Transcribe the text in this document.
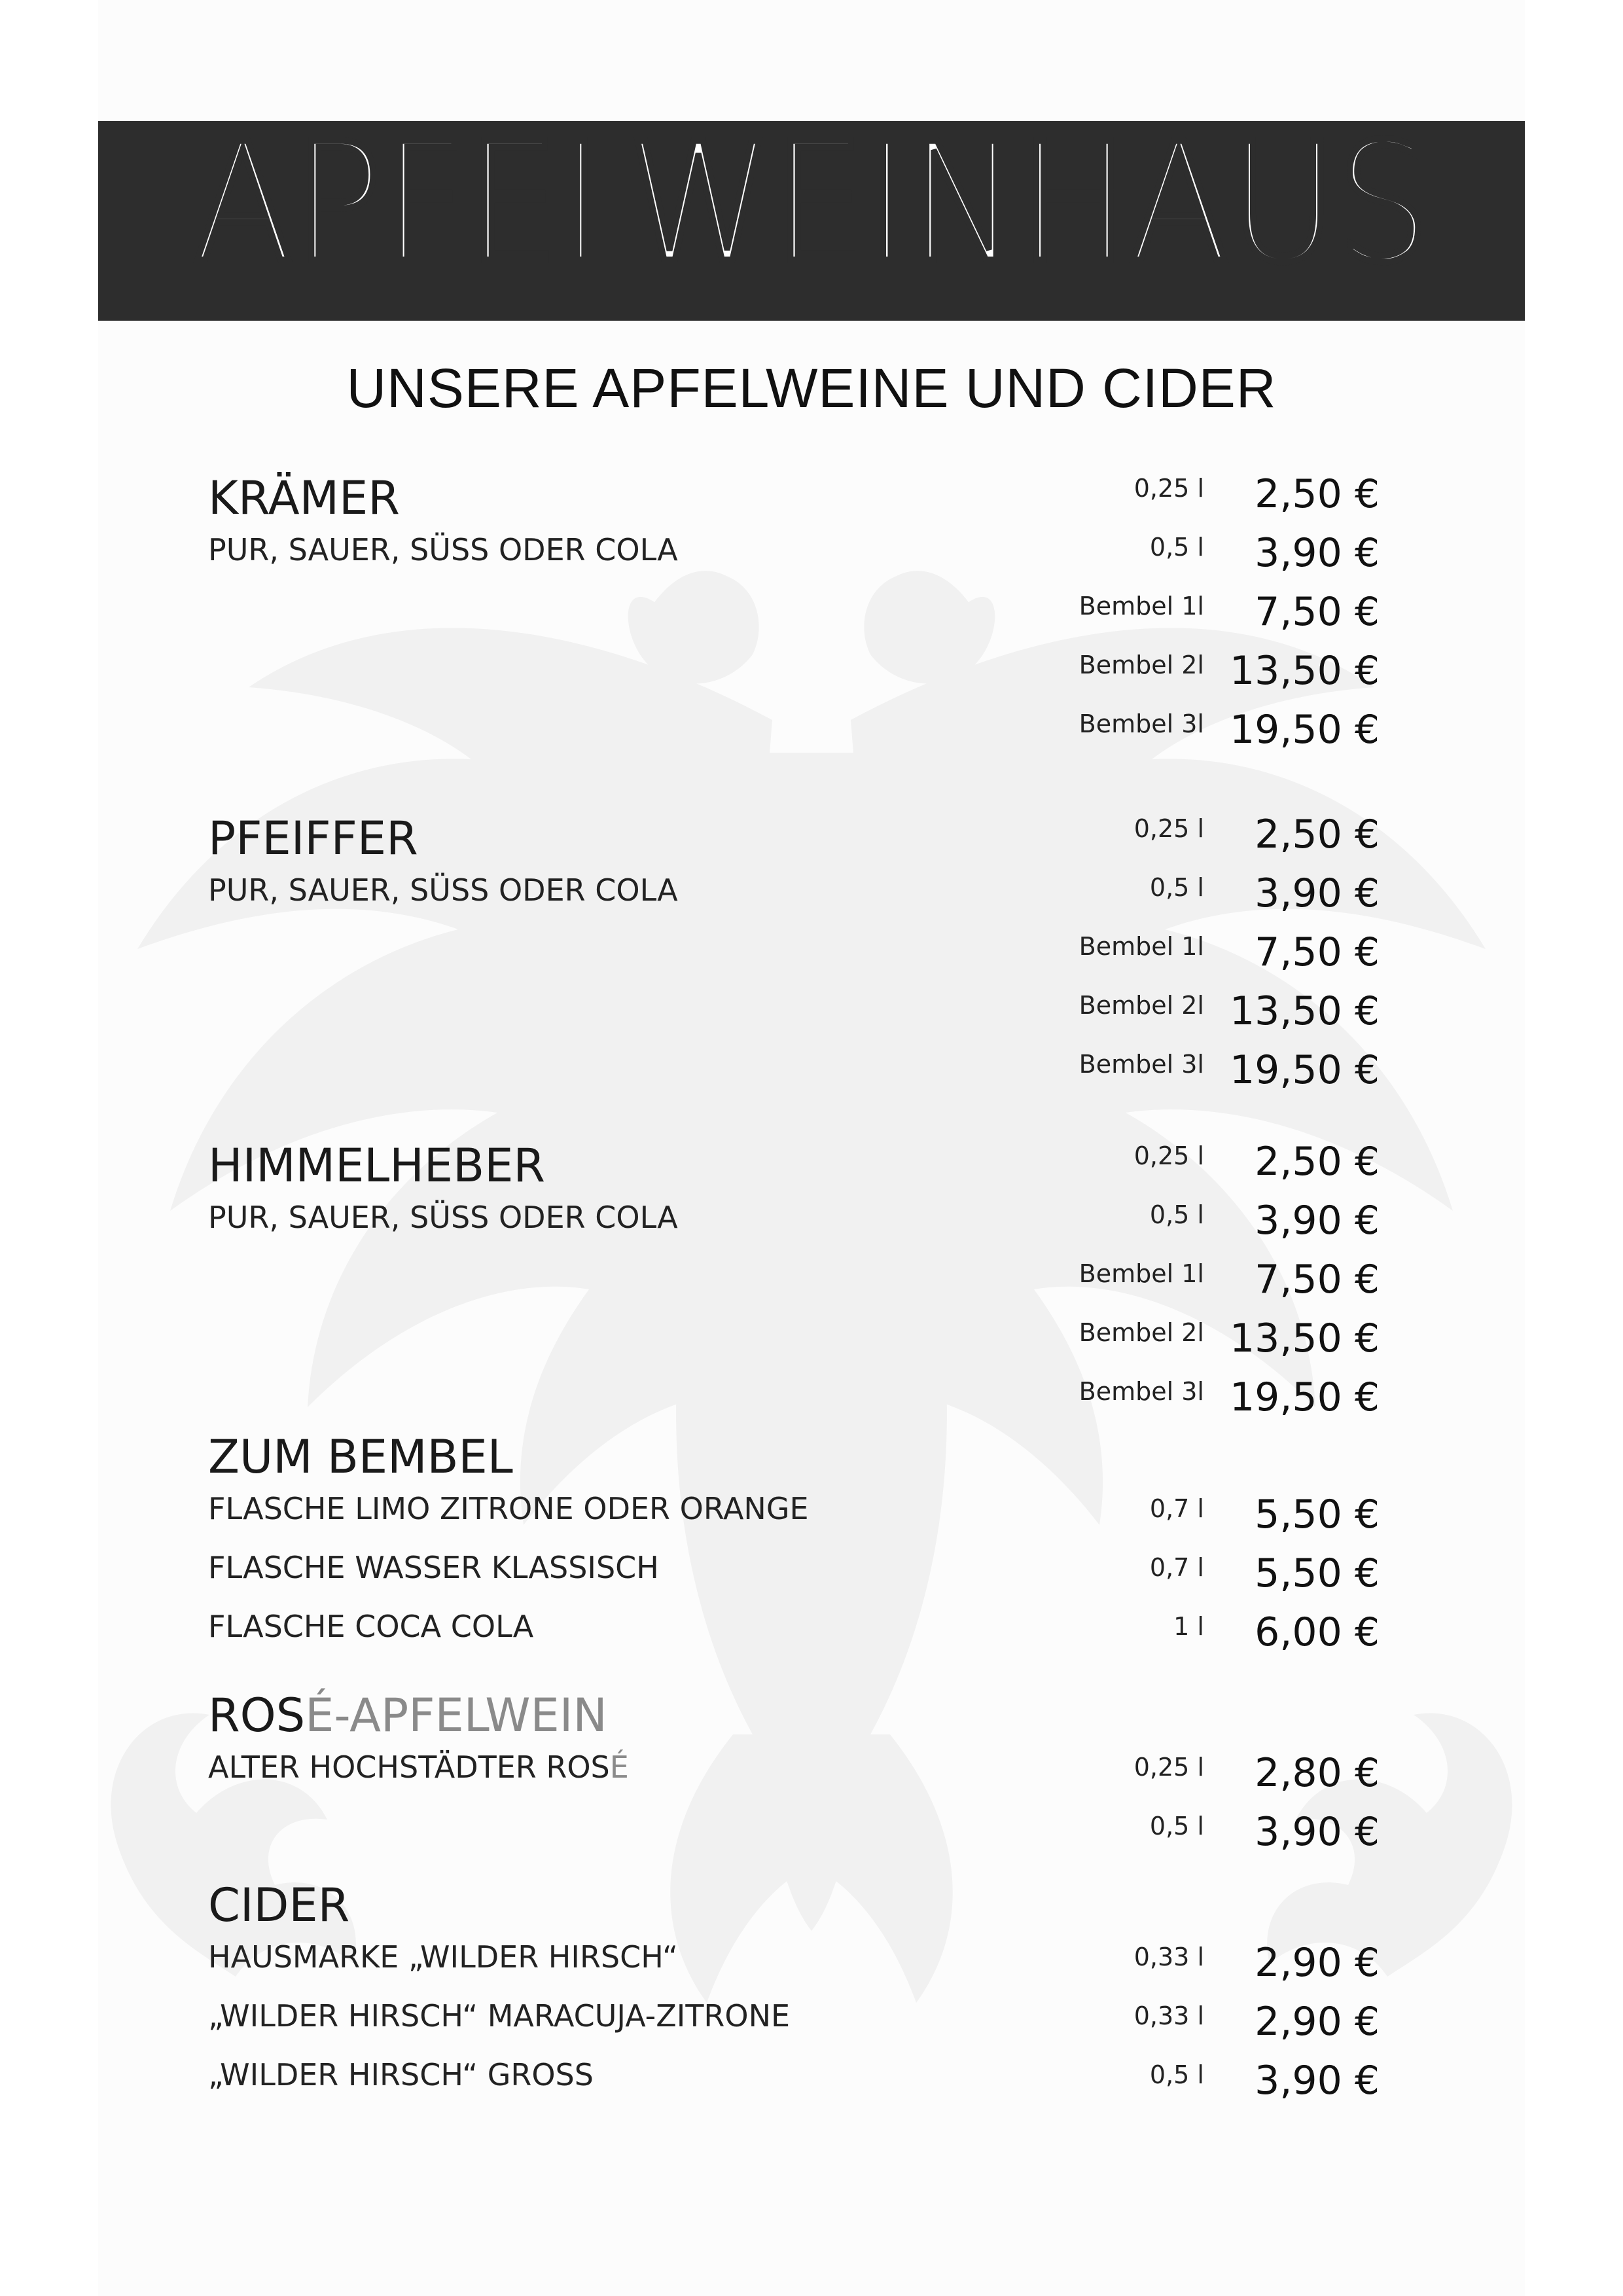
APFELWEINHAUS
UNSERE APFELWEINE UND CIDER
KRÄMER
PUR, SAUER, SÜSS ODER COLA
0,25 l 2,50 €
0,5 l 3,90 €
Bembel 1l 7,50 €
Bembel 2l 13,50 €
Bembel 3l 19,50 €
PFEIFFER
PUR, SAUER, SÜSS ODER COLA
0,25 l 2,50 €
0,5 l 3,90 €
Bembel 1l 7,50 €
Bembel 2l 13,50 €
Bembel 3l 19,50 €
HIMMELHEBER
PUR, SAUER, SÜSS ODER COLA
0,25 l 2,50 €
0,5 l 3,90 €
Bembel 1l 7,50 €
Bembel 2l 13,50 €
Bembel 3l 19,50 €
ZUM BEMBEL
FLASCHE LIMO ZITRONE ODER ORANGE	0,7 l 5,50 €
FLASCHE WASSER KLASSISCH	0,7 l 5,50 €
FLASCHE COCA COLA	1 l 6,00 €
ROSÉ-APFELWEIN
ALTER HOCHSTÄDTER ROSÉ	0,25 l 2,80 €
0,5 l 3,90 €
CIDER
HAUSMARKE „WILDER HIRSCH“	0,33 l 2,90 €
„WILDER HIRSCH“ MARACUJA-ZITRONE	0,33 l 2,90 €
„WILDER HIRSCH“ GROSS	0,5 l 3,90 €
